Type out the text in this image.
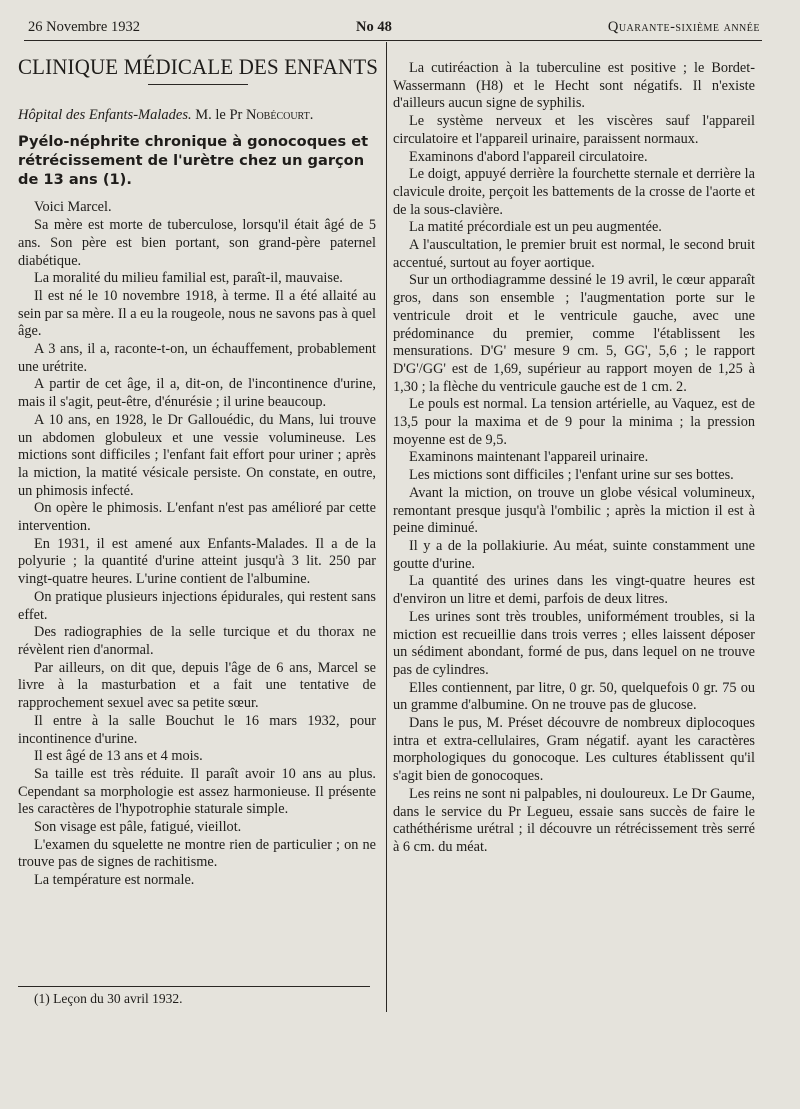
26 Novembre 1932	No 48	Quarante-sixième année
CLINIQUE MÉDICALE DES ENFANTS
Hôpital des Enfants-Malades. M. le Pr Nobécourt.
Pyélo-néphrite chronique à gonocoques et rétrécissement de l'urètre chez un garçon de 13 ans (1).

Voici Marcel.

Sa mère est morte de tuberculose, lorsqu'il était âgé de 5 ans. Son père est bien portant, son grand-père paternel diabétique.

La moralité du milieu familial est, paraît-il, mauvaise.

Il est né le 10 novembre 1918, à terme. Il a été allaité au sein par sa mère. Il a eu la rougeole, nous ne savons pas à quel âge.

A 3 ans, il a, raconte-t-on, un échauffement, probablement une urétrite.

A partir de cet âge, il a, dit-on, de l'incontinence d'urine, mais il s'agit, peut-être, d'énurésie ; il urine beaucoup.

A 10 ans, en 1928, le Dr Gallouédic, du Mans, lui trouve un abdomen globuleux et une vessie volumineuse. Les mictions sont difficiles ; l'enfant fait effort pour uriner ; après la miction, la matité vésicale persiste. On constate, en outre, un phimosis infecté.

On opère le phimosis. L'enfant n'est pas amélioré par cette intervention.

En 1931, il est amené aux Enfants-Malades. Il a de la polyurie ; la quantité d'urine atteint jusqu'à 3 lit. 250 par vingt-quatre heures. L'urine contient de l'albumine.

On pratique plusieurs injections épidurales, qui restent sans effet.

Des radiographies de la selle turcique et du thorax ne révèlent rien d'anormal.

Par ailleurs, on dit que, depuis l'âge de 6 ans, Marcel se livre à la masturbation et a fait une tentative de rapprochement sexuel avec sa petite sœur.

Il entre à la salle Bouchut le 16 mars 1932, pour incontinence d'urine.

Il est âgé de 13 ans et 4 mois.

Sa taille est très réduite. Il paraît avoir 10 ans au plus. Cependant sa morphologie est assez harmonieuse. Il présente les caractères de l'hypotrophie staturale simple.

Son visage est pâle, fatigué, vieillot.

L'examen du squelette ne montre rien de particulier ; on ne trouve pas de signes de rachitisme.

La température est normale.

La cutiréaction à la tuberculine est positive ; le Bordet-Wassermann (H8) et le Hecht sont négatifs. Il n'existe d'ailleurs aucun signe de syphilis.

Le système nerveux et les viscères sauf l'appareil circulatoire et l'appareil urinaire, paraissent normaux.

Examinons d'abord l'appareil circulatoire.

Le doigt, appuyé derrière la fourchette sternale et derrière la clavicule droite, perçoit les battements de la crosse de l'aorte et de la sous-clavière.

La matité précordiale est un peu augmentée.

A l'auscultation, le premier bruit est normal, le second bruit accentué, surtout au foyer aortique.

Sur un orthodiagramme dessiné le 19 avril, le cœur apparaît gros, dans son ensemble ; l'augmentation porte sur le ventricule droit et le ventricule gauche, avec une prédominance du premier, comme l'établissent les mensurations. D'G' mesure 9 cm. 5, GG', 5,6 ; le rapport D'G'/GG' est de 1,69, supérieur au rapport moyen de 1,25 à 1,30 ; la flèche du ventricule gauche est de 1 cm. 2.

Le pouls est normal. La tension artérielle, au Vaquez, est de 13,5 pour la maxima et de 9 pour la minima ; la pression moyenne est de 9,5.

Examinons maintenant l'appareil urinaire.

Les mictions sont difficiles ; l'enfant urine sur ses bottes.

Avant la miction, on trouve un globe vésical volumineux, remontant presque jusqu'à l'ombilic ; après la miction il est à peine diminué.

Il y a de la pollakiurie. Au méat, suinte constamment une goutte d'urine.

La quantité des urines dans les vingt-quatre heures est d'environ un litre et demi, parfois de deux litres.

Les urines sont très troubles, uniformément troubles, si la miction est recueillie dans trois verres ; elles laissent déposer un sédiment abondant, formé de pus, dans lequel on ne trouve pas de cylindres.

Elles contiennent, par litre, 0 gr. 50, quelquefois 0 gr. 75 ou un gramme d'albumine. On ne trouve pas de glucose.

Dans le pus, M. Préset découvre de nombreux diplocoques intra et extra-cellulaires, Gram négatif. ayant les caractères morphologiques du gonocoque. Les cultures établissent qu'il s'agit bien de gonocoques.

Les reins ne sont ni palpables, ni douloureux. Le Dr Gaume, dans le service du Pr Legueu, essaie sans succès de faire le cathéthérisme urétral ; il découvre un rétrécissement très serré à 6 cm. du méat.

(1) Leçon du 30 avril 1932.
